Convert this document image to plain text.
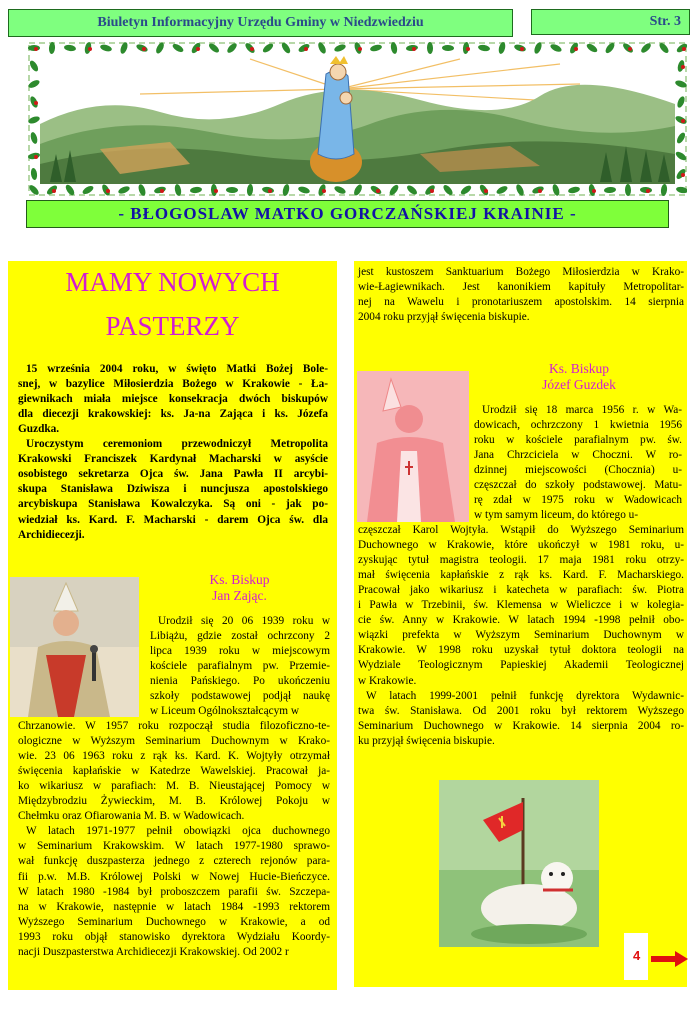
Biuletyn Informacyjny Urzędu Gminy w Niedzwiedziu	Str. 3
- BŁOGOSLAW MATKO GORCZAŃSKIEJ KRAINIE -
MAMY NOWYCH
PASTERZY
15 września 2004 roku, w święto Matki Bożej Bole-
snej, w bazylice Miłosierdzia Bożego w Krakowie - Ła-
giewnikach miała miejsce konsekracja dwóch biskupów
dla diecezji krakowskiej: ks. Ja-na Zająca i ks. Józefa
Guzdka.
Uroczystym ceremoniom przewodniczył Metropolita
Krakowski Franciszek Kardynał Macharski w asyście
osobistego sekretarza Ojca św. Jana Pawła II arcybi-
skupa Stanisława Dziwisza i nuncjusza apostolskiego
arcybiskupa Stanisława Kowalczyka. Są oni - jak po-
wiedział ks. Kard. F. Macharski - darem Ojca św. dla
Archidiecezji.
Ks. Biskup
Jan Zając.
Urodził się 20 06 1939 roku w
Libiążu, gdzie został ochrzcony 2
lipca 1939 roku w miejscowym
kościele parafialnym pw. Przemie-
nienia Pańskiego. Po ukończeniu
szkoły podstawowej podjął naukę
w Liceum Ogólnokształcącym w
Chrzanowie. W 1957 roku rozpoczął studia filozoficzno-te-
ologiczne w Wyższym Seminarium Duchownym w Krako-
wie. 23 06 1963 roku z rąk ks. Kard. K. Wojtyły otrzymał
święcenia kapłańskie w Katedrze Wawelskiej. Pracował ja-
ko wikariusz w parafiach: M. B. Nieustającej Pomocy w
Międzybrodziu Żywieckim, M. B. Królowej Pokoju w
Chełmku oraz Ofiarowania M. B. w Wadowicach.
W latach 1971-1977 pełnił obowiązki ojca duchownego
w Seminarium Krakowskim. W latach 1977-1980 sprawo-
wał funkcję duszpasterza jednego z czterech rejonów para-
fii p.w. M.B. Królowej Polski w Nowej Hucie-Bieńczyce.
W latach 1980 -1984 był proboszczem parafii św. Szczepa-
na w Krakowie, następnie w latach 1984 -1993 rektorem
Wyższego Seminarium Duchownego w Krakowie, a od
1993 roku objął stanowisko dyrektora Wydziału Koordy-
nacji Duszpasterstwa Archidiecezji Krakowskiej. Od 2002 r
jest kustoszem Sanktuarium Bożego Miłosierdzia w Krako-
wie-Łagiewnikach. Jest kanonikiem kapituły Metropolitar-
nej na Wawelu i pronotariuszem apostolskim. 14 sierpnia
2004 roku przyjął święcenia biskupie.
Ks. Biskup
Józef Guzdek
Urodził się 18 marca 1956 r. w Wa-
dowicach, ochrzczony 1 kwietnia 1956
roku w kościele parafialnym pw. św.
Jana Chrzciciela w Choczni. W ro-
dzinnej miejscowości (Chocznia) u-
częszczał do szkoły podstawowej. Matu-
rę zdał w 1975 roku w Wadowicach
w tym samym liceum, do którego u-
częszczał Karol Wojtyła. Wstąpił do Wyższego Seminarium
Duchownego w Krakowie, które ukończył w 1981 roku, u-
zyskując tytuł magistra teologii. 17 maja 1981 roku otrzy-
mał święcenia kapłańskie z rąk ks. Kard. F. Macharskiego.
Pracował jako wikariusz i katecheta w parafiach: św. Piotra
i Pawła w Trzebinii, św. Klemensa w Wieliczce i w kolegia-
cie św. Anny w Krakowie. W latach 1994 -1998 pełnił obo-
wiązki prefekta w Wyższym Seminarium Duchownym w
Krakowie. W 1998 roku uzyskał tytuł doktora teologii na
Wydziale Teologicznym Papieskiej Akademii Teologicznej
w Krakowie.
W latach 1999-2001 pełnił funkcję dyrektora Wydawnic-
twa św. Stanisława. Od 2001 roku był rektorem Wyższego
Seminarium Duchownego w Krakowie. 14 sierpnia 2004 ro-
ku przyjął święcenia biskupie.
4
